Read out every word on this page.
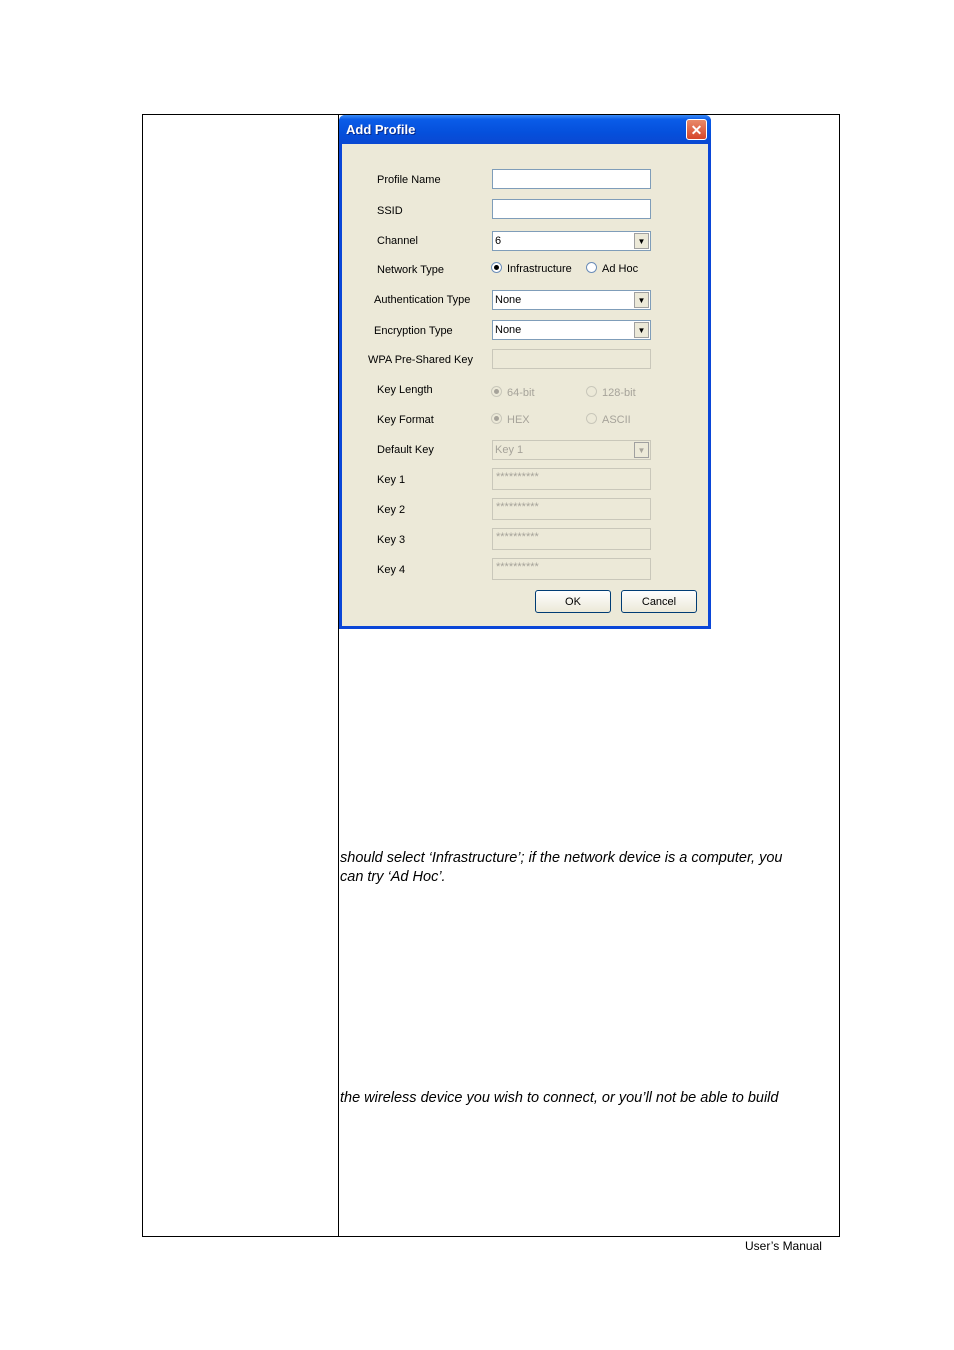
Add Profile	✕
Profile Name
SSID
Channel	6	▼
Network Type	Infrastructure	Ad Hoc
Authentication Type None	▼
Encryption Type	None	▼
WPA Pre-Shared Key
Key Length	64-bit	128-bit
Key Format	HEX	ASCII
Default Key	Key 1	▼
Key 1	**********
Key 2	**********
Key 3	**********
Key 4	**********
OK	Cancel
should select ‘Infrastructure’; if the network device is a computer, you
can try ‘Ad Hoc’.
the wireless device you wish to connect, or you’ll not be able to build
User’s Manual
